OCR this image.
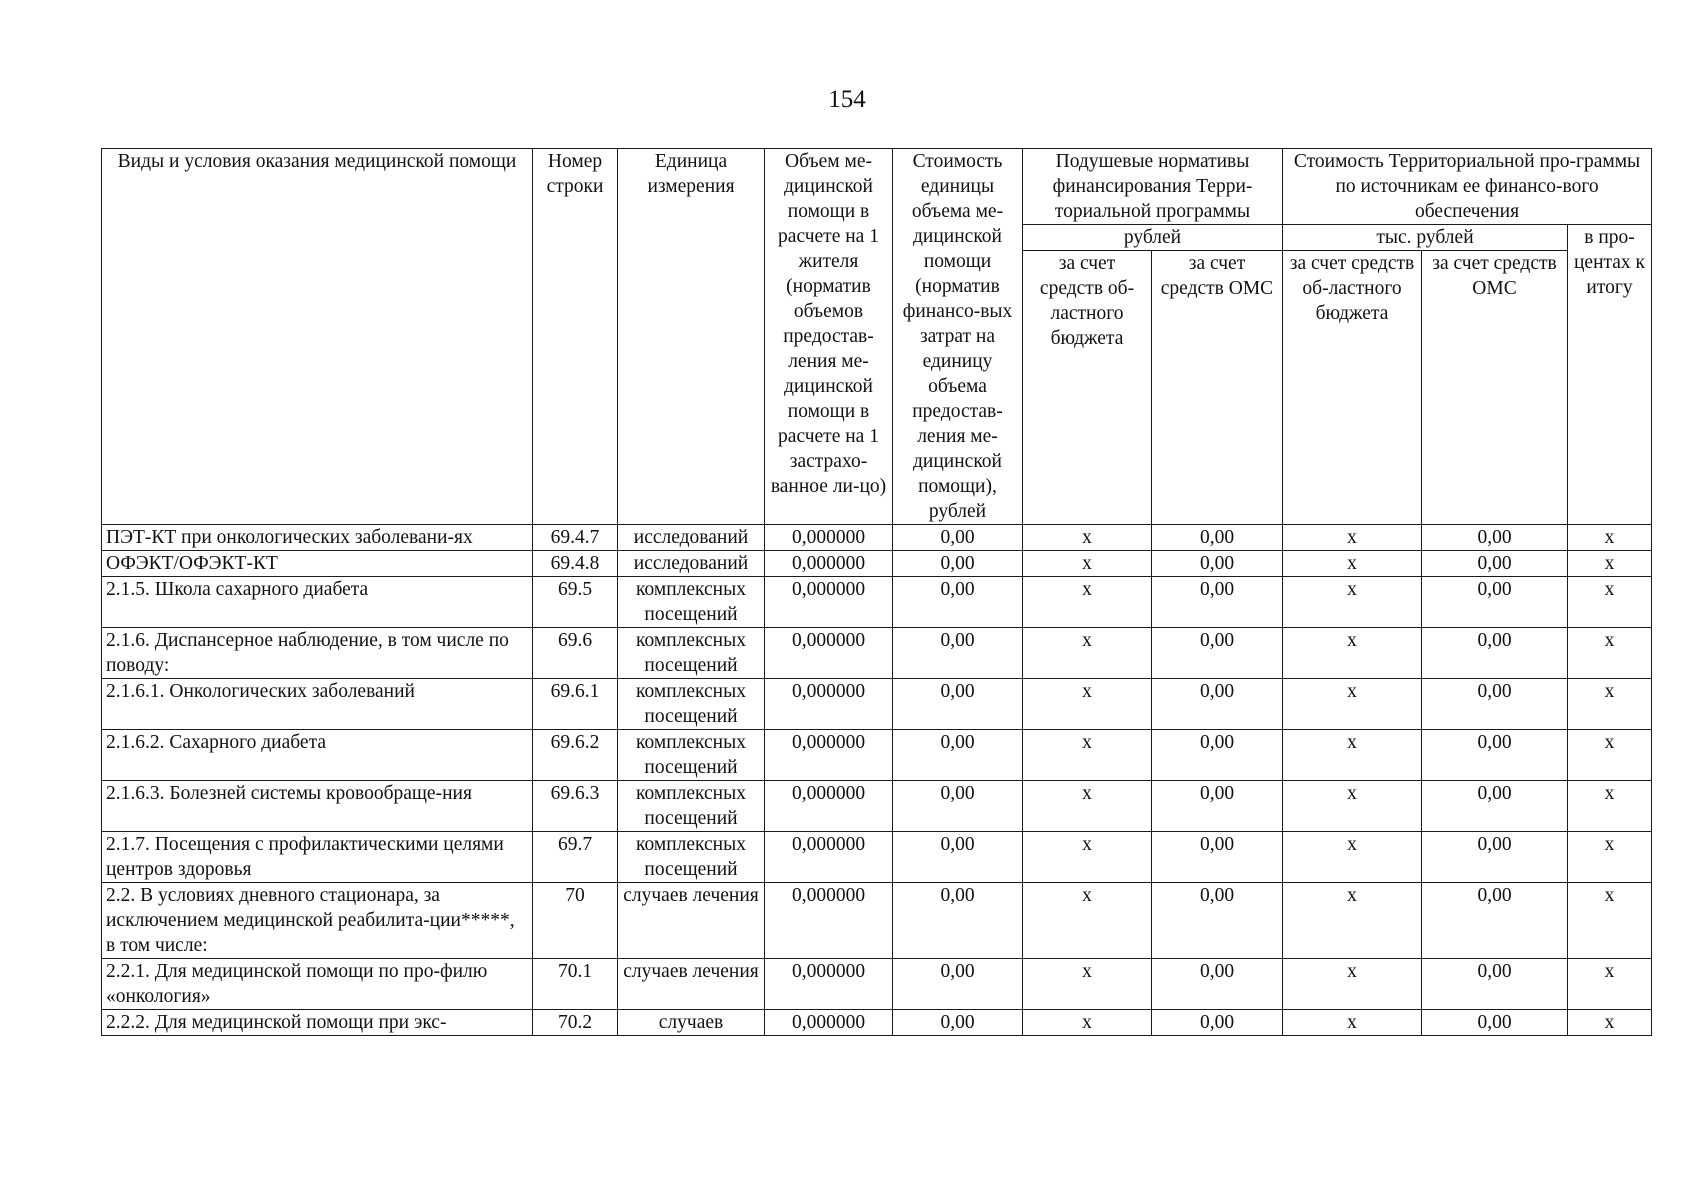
154
Виды и условия оказания медицинской помощи	Номер строки	Единица измерения	Объем ме-дицинской помощи в расчете на 1 жителя (норматив объемов предостав-ления ме-дицинской помощи в расчете на 1 застрахо-ванное ли-цо)	Стоимость единицы объема ме-дицинской помощи (норматив финансо-вых затрат на единицу объема предостав-ления ме-дицинской помощи), рублей	Подушевые нормативы финансирования Терри-ториальной программы		Стоимость Территориальной про-граммы по источникам ее финансо-вого обеспечения		
					рублей		тыс. рублей		в про-центах к итогу
					за счет средств об-ластного бюджета	за счет средств ОМС	за счет средств об-ластного бюджета	за счет средств ОМС	
ПЭТ-КТ при онкологических заболевани-ях	69.4.7	исследований	0,000000	0,00	х	0,00	х	0,00	х
ОФЭКТ/ОФЭКТ-КТ	69.4.8	исследований	0,000000	0,00	х	0,00	х	0,00	х
2.1.5. Школа сахарного диабета	69.5	комплексных посещений	0,000000	0,00	х	0,00	х	0,00	х
2.1.6. Диспансерное наблюдение, в том числе по поводу:	69.6	комплексных посещений	0,000000	0,00	х	0,00	х	0,00	х
2.1.6.1. Онкологических заболеваний	69.6.1	комплексных посещений	0,000000	0,00	х	0,00	х	0,00	х
2.1.6.2. Сахарного диабета	69.6.2	комплексных посещений	0,000000	0,00	х	0,00	х	0,00	х
2.1.6.3. Болезней системы кровообраще-ния	69.6.3	комплексных посещений	0,000000	0,00	х	0,00	х	0,00	х
2.1.7. Посещения с профилактическими целями центров здоровья	69.7	комплексных посещений	0,000000	0,00	х	0,00	х	0,00	х
2.2. В условиях дневного стационара, за исключением медицинской реабилита-ции*****, в том числе:	70	случаев лечения	0,000000	0,00	х	0,00	х	0,00	х
2.2.1. Для медицинской помощи по про-филю «онкология»	70.1	случаев лечения	0,000000	0,00	х	0,00	х	0,00	х
2.2.2. Для медицинской помощи при экс-	70.2	случаев	0,000000	0,00	х	0,00	х	0,00	х
